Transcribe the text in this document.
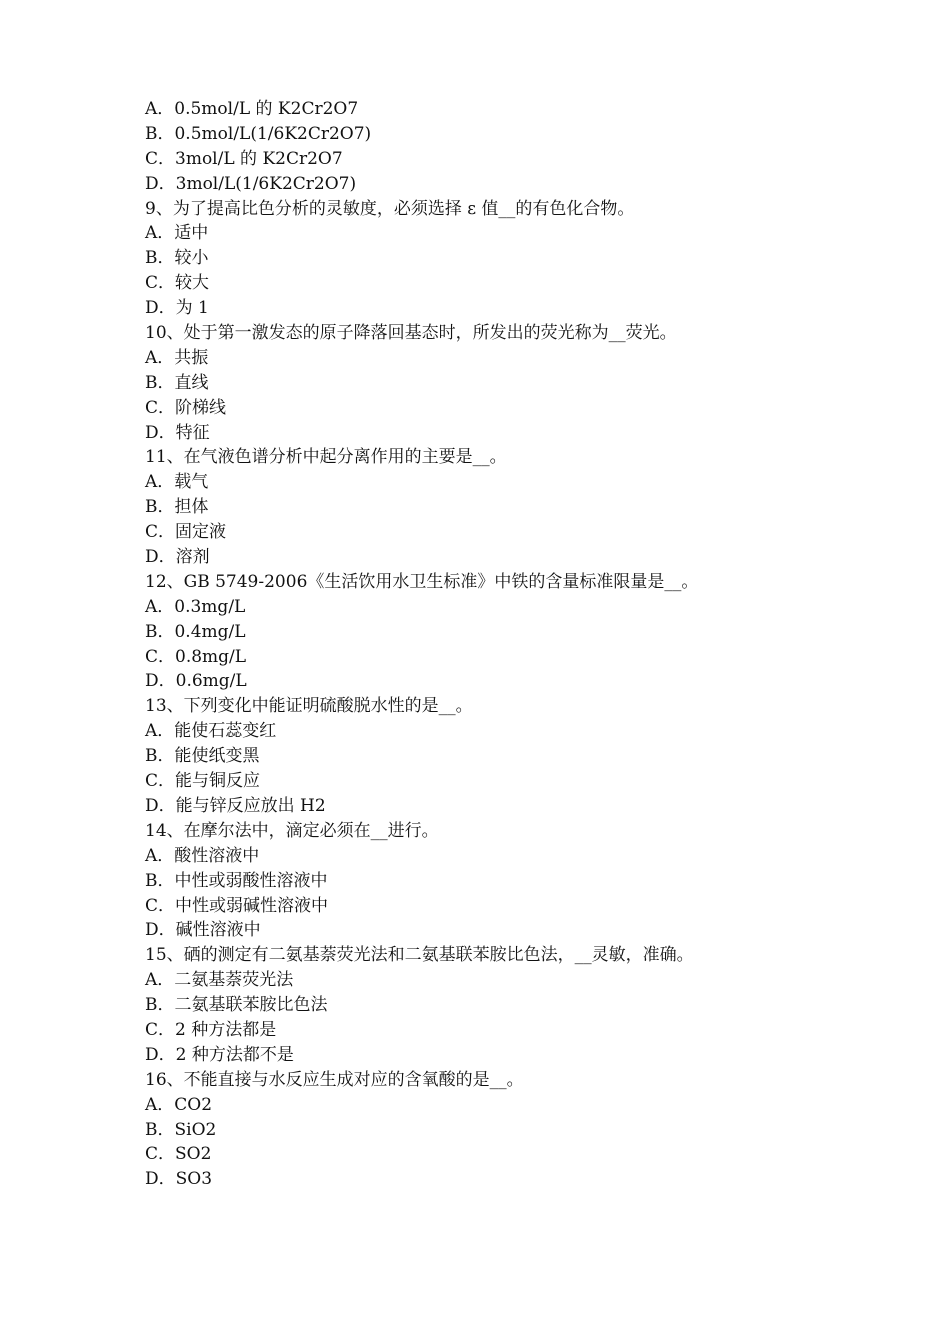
A．0.5mol/L 的 K2Cr2O7
B．0.5mol/L(1/6K2Cr2O7)
C．3mol/L 的 K2Cr2O7
D．3mol/L(1/6K2Cr2O7)
9、为了提高比色分析的灵敏度，必须选择 ε 值__的有色化合物。
A．适中
B．较小
C．较大
D．为 1
10、处于第一激发态的原子降落回基态时，所发出的荧光称为__荧光。
A．共振
B．直线
C．阶梯线
D．特征
11、在气液色谱分析中起分离作用的主要是__。
A．载气
B．担体
C．固定液
D．溶剂
12、GB 5749-2006《生活饮用水卫生标准》中铁的含量标准限量是__。
A．0.3mg/L
B．0.4mg/L
C．0.8mg/L
D．0.6mg/L
13、下列变化中能证明硫酸脱水性的是__。
A．能使石蕊变红
B．能使纸变黑
C．能与铜反应
D．能与锌反应放出 H2
14、在摩尔法中，滴定必须在__进行。
A．酸性溶液中
B．中性或弱酸性溶液中
C．中性或弱碱性溶液中
D．碱性溶液中
15、硒的测定有二氨基萘荧光法和二氨基联苯胺比色法，__灵敏，准确。
A．二氨基萘荧光法
B．二氨基联苯胺比色法
C．2 种方法都是
D．2 种方法都不是
16、不能直接与水反应生成对应的含氧酸的是__。
A．CO2
B．SiO2
C．SO2
D．SO3
